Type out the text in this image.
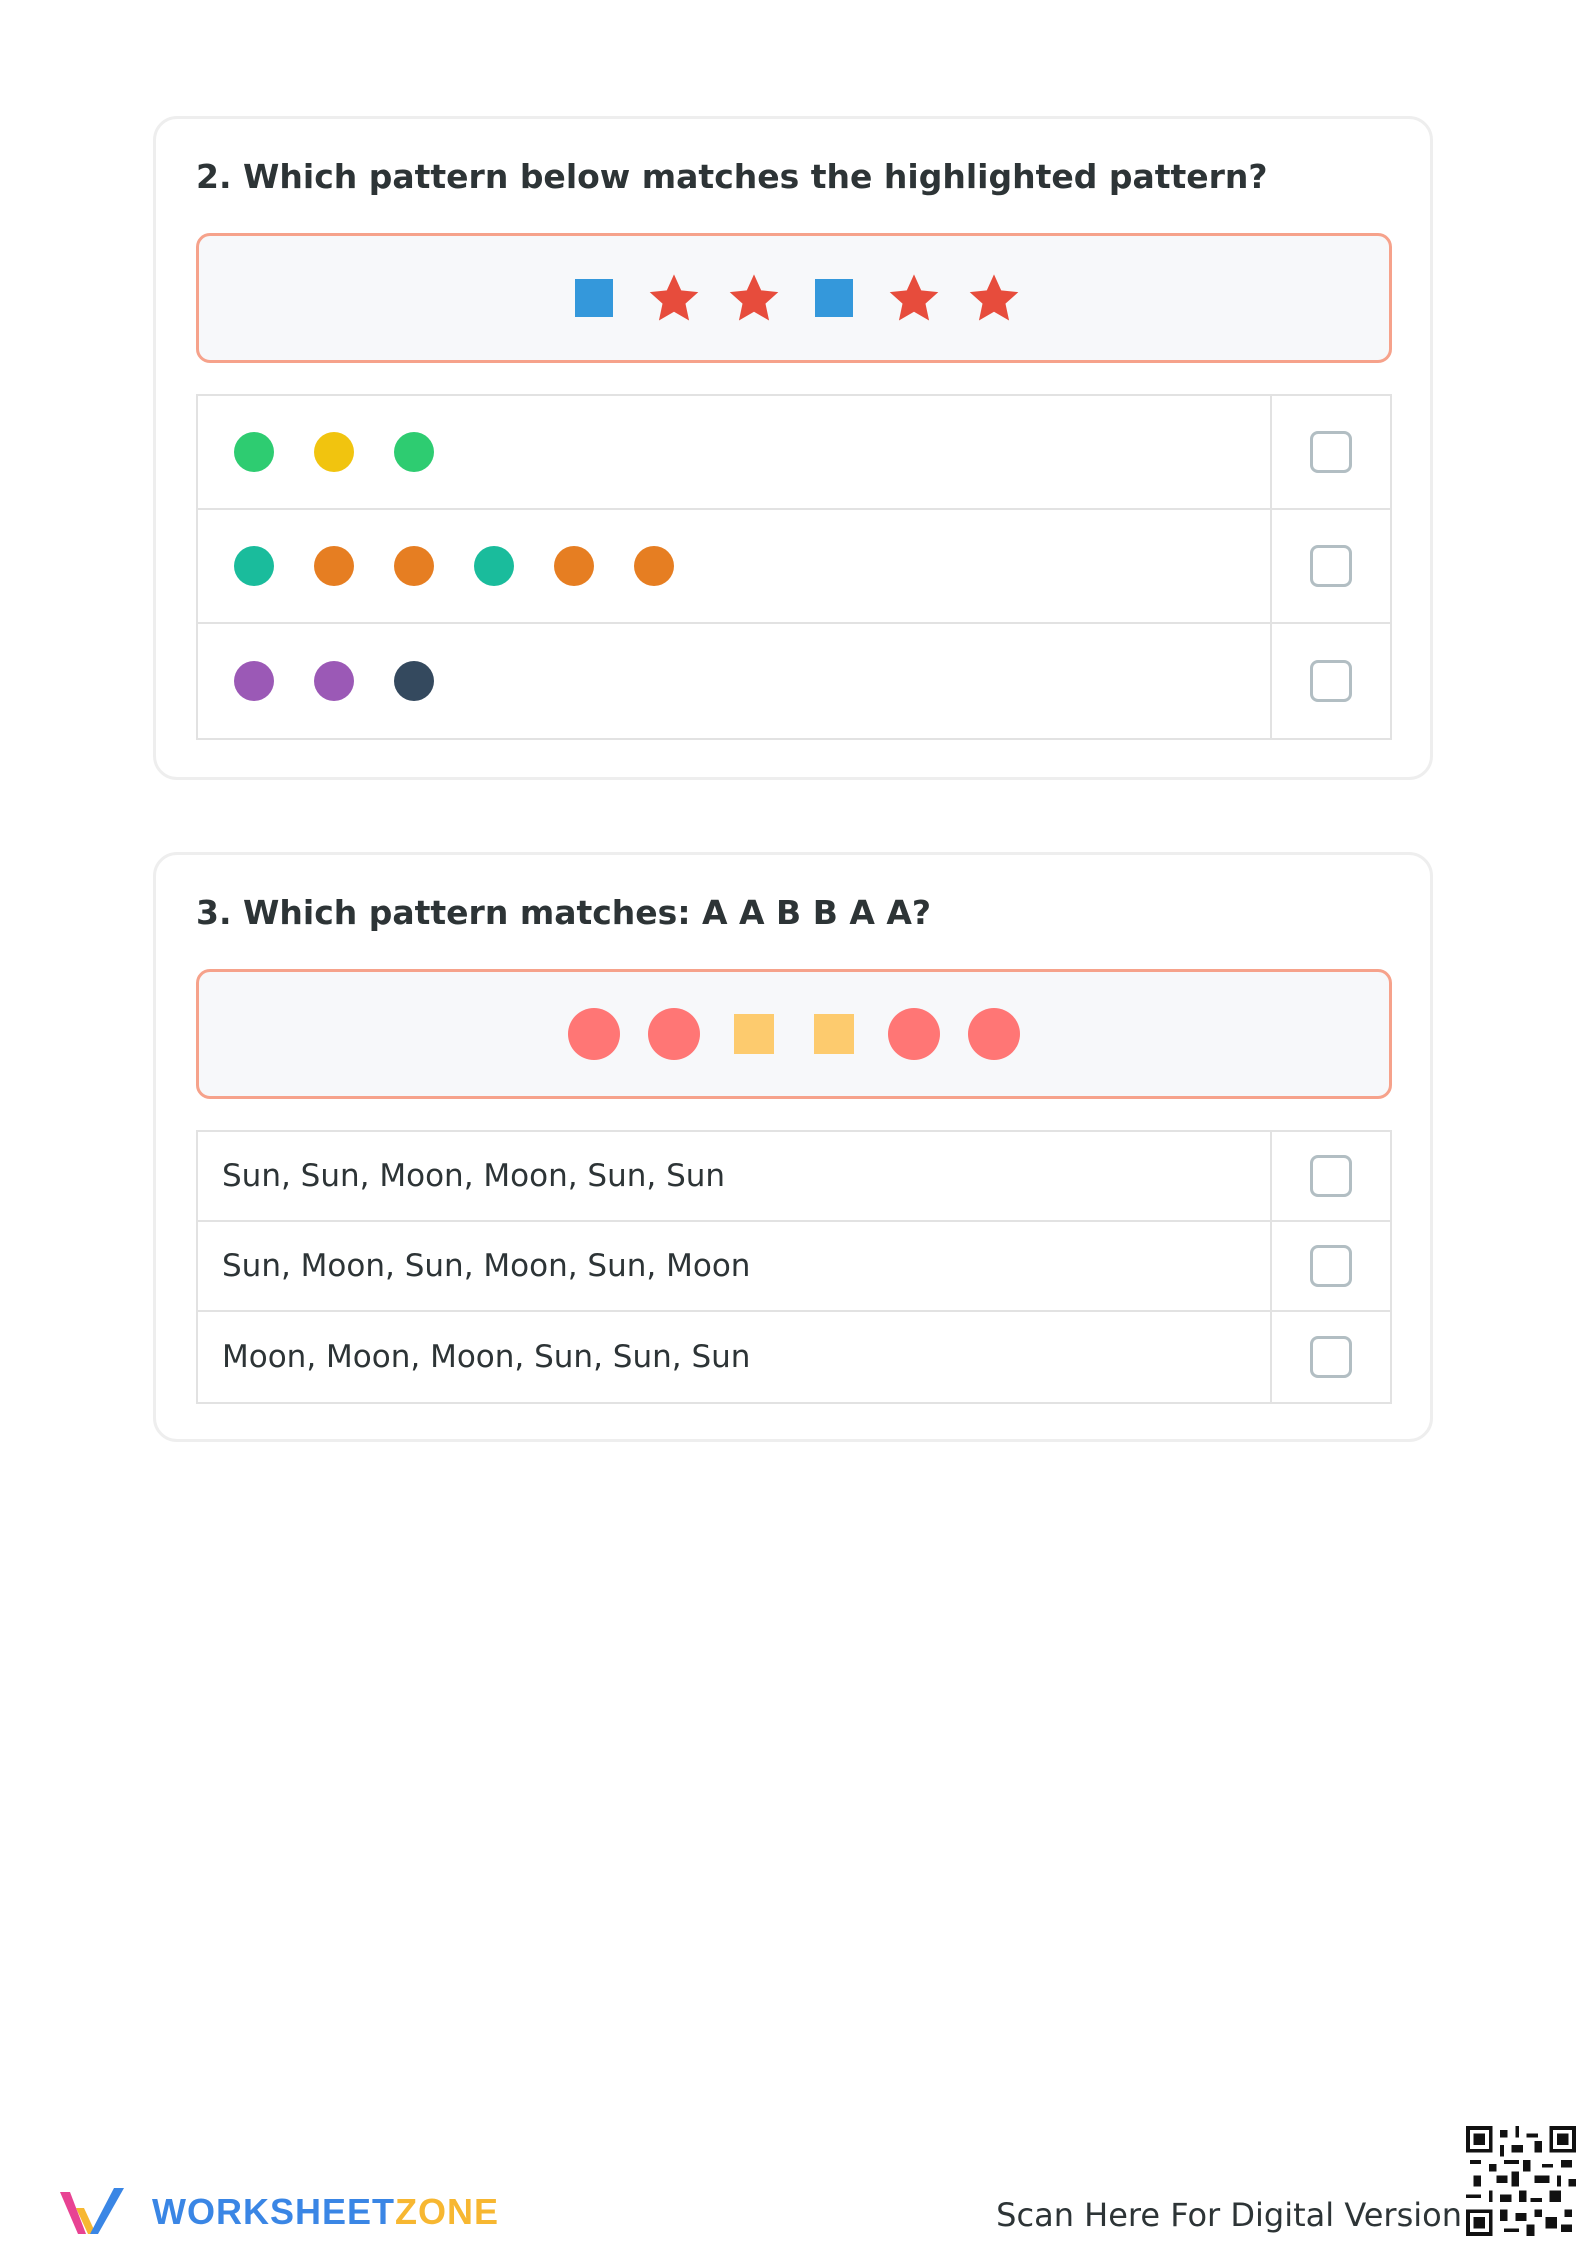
2. Which pattern below matches the highlighted pattern?
3. Which pattern matches: A A B B A A?
Sun, Sun, Moon, Moon, Sun, Sun
Sun, Moon, Sun, Moon, Sun, Moon
Moon, Moon, Moon, Sun, Sun, Sun
WORKSHEETZONE	Scan Here For Digital Version
